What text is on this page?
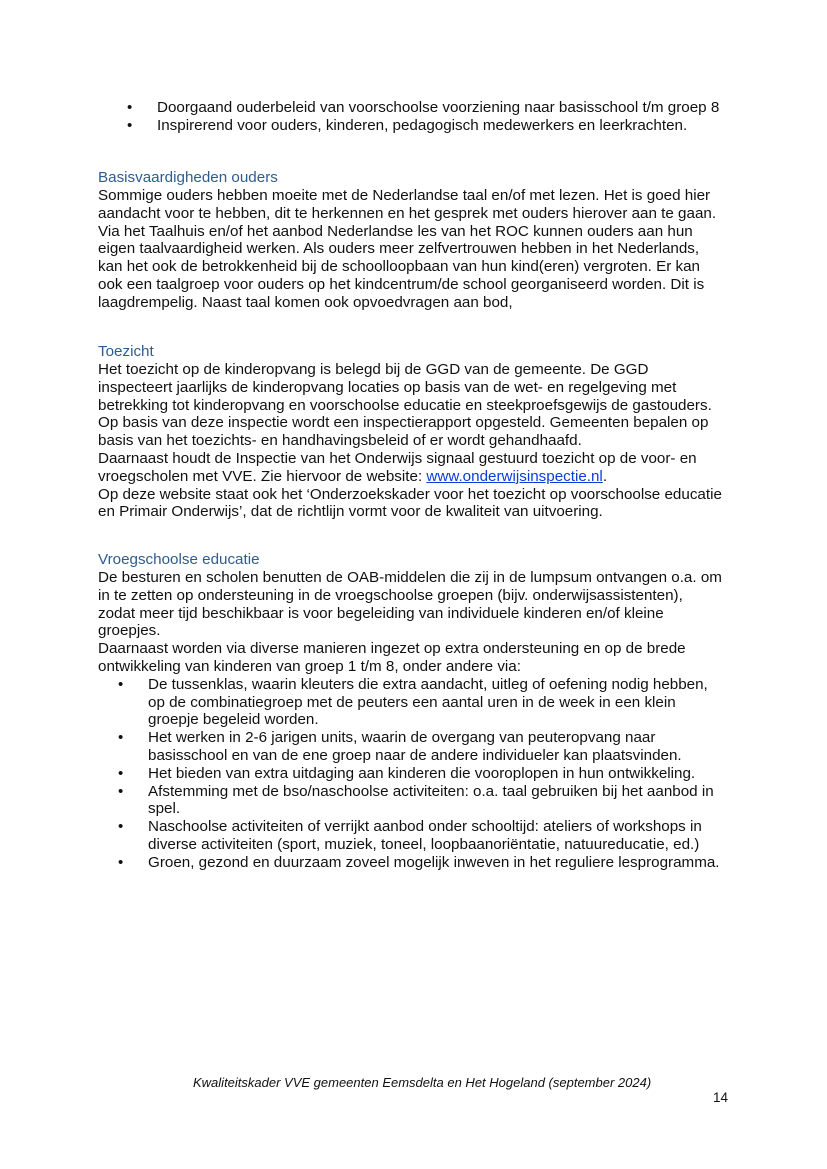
• Doorgaand ouderbeleid van voorschoolse voorziening naar basisschool t/m groep 8
• Inspirerend voor ouders, kinderen, pedagogisch medewerkers en leerkrachten.
Basisvaardigheden ouders
Sommige ouders hebben moeite met de Nederlandse taal en/of met lezen. Het is goed hier
aandacht voor te hebben, dit te herkennen en het gesprek met ouders hierover aan te gaan.
Via het Taalhuis en/of het aanbod Nederlandse les van het ROC kunnen ouders aan hun
eigen taalvaardigheid werken. Als ouders meer zelfvertrouwen hebben in het Nederlands,
kan het ook de betrokkenheid bij de schoolloopbaan van hun kind(eren) vergroten. Er kan
ook een taalgroep voor ouders op het kindcentrum/de school georganiseerd worden. Dit is
laagdrempelig. Naast taal komen ook opvoedvragen aan bod,
Toezicht
Het toezicht op de kinderopvang is belegd bij de GGD van de gemeente. De GGD
inspecteert jaarlijks de kinderopvang locaties op basis van de wet- en regelgeving met
betrekking tot kinderopvang en voorschoolse educatie en steekproefsgewijs de gastouders.
Op basis van deze inspectie wordt een inspectierapport opgesteld. Gemeenten bepalen op
basis van het toezichts- en handhavingsbeleid of er wordt gehandhaafd.
Daarnaast houdt de Inspectie van het Onderwijs signaal gestuurd toezicht op de voor- en
vroegscholen met VVE. Zie hiervoor de website: www.onderwijsinspectie.nl.
Op deze website staat ook het ‘Onderzoekskader voor het toezicht op voorschoolse educatie
en Primair Onderwijs’, dat de richtlijn vormt voor de kwaliteit van uitvoering.
Vroegschoolse educatie
De besturen en scholen benutten de OAB-middelen die zij in de lumpsum ontvangen o.a. om
in te zetten op ondersteuning in de vroegschoolse groepen (bijv. onderwijsassistenten),
zodat meer tijd beschikbaar is voor begeleiding van individuele kinderen en/of kleine
groepjes.
Daarnaast worden via diverse manieren ingezet op extra ondersteuning en op de brede
ontwikkeling van kinderen van groep 1 t/m 8, onder andere via:
• De tussenklas, waarin kleuters die extra aandacht, uitleg of oefening nodig hebben,
op de combinatiegroep met de peuters een aantal uren in de week in een klein
groepje begeleid worden.
• Het werken in 2-6 jarigen units, waarin de overgang van peuteropvang naar
basisschool en van de ene groep naar de andere individueler kan plaatsvinden.
• Het bieden van extra uitdaging aan kinderen die vooroplopen in hun ontwikkeling.
• Afstemming met de bso/naschoolse activiteiten: o.a. taal gebruiken bij het aanbod in
spel.
• Naschoolse activiteiten of verrijkt aanbod onder schooltijd: ateliers of workshops in
diverse activiteiten (sport, muziek, toneel, loopbaanoriëntatie, natuureducatie, ed.)
• Groen, gezond en duurzaam zoveel mogelijk inweven in het reguliere lesprogramma.
Kwaliteitskader VVE gemeenten Eemsdelta en Het Hogeland (september 2024)
14
